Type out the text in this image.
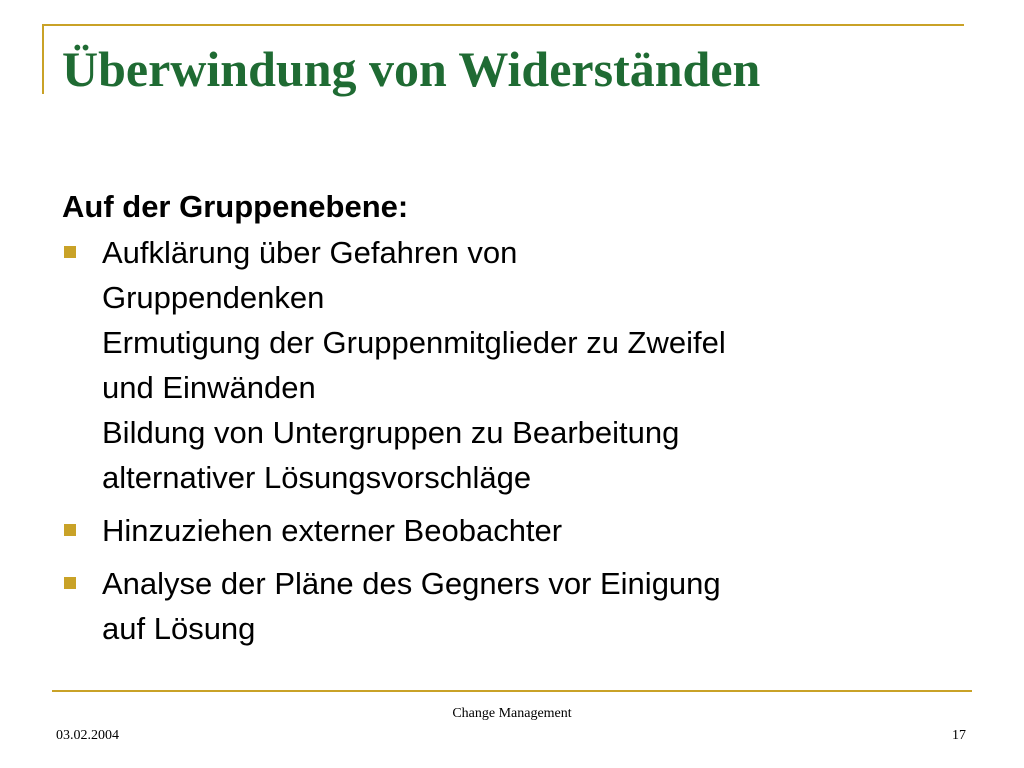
Überwindung von Widerständen
Auf der Gruppenebene:
Aufklärung über Gefahren von
Gruppendenken
Ermutigung der Gruppenmitglieder zu Zweifel
und Einwänden
Bildung von Untergruppen zu Bearbeitung
alternativer Lösungsvorschläge
Hinzuziehen externer Beobachter
Analyse der Pläne des Gegners vor Einigung
auf Lösung
Change Management
03.02.2004	17
